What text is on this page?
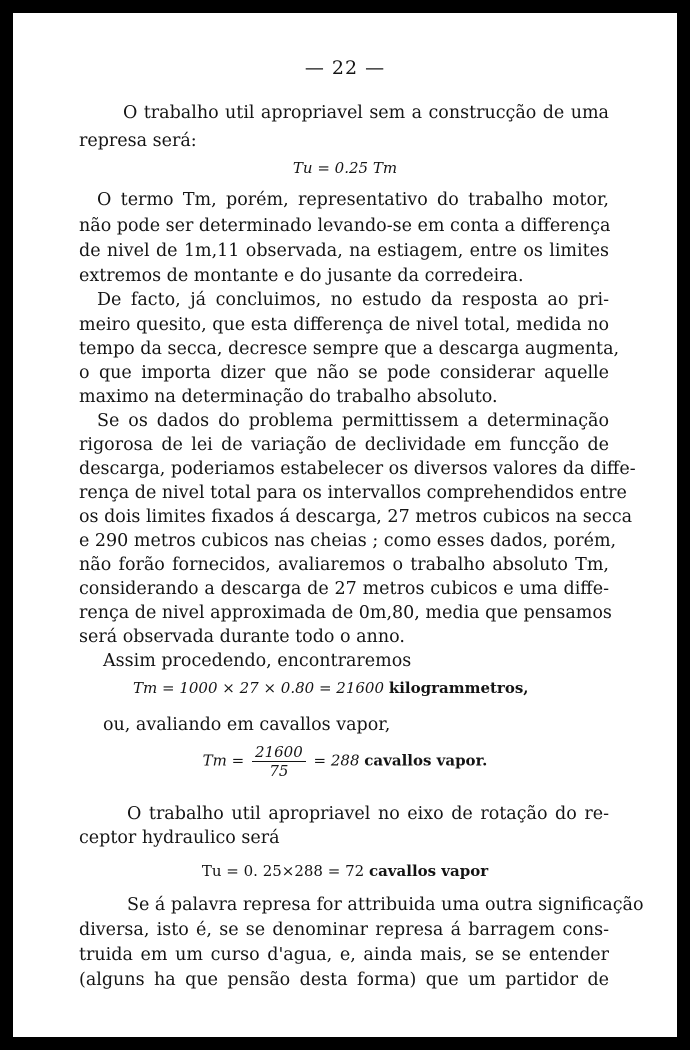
— 22 —
O trabalho util apropriavel sem a construcção de uma
represa será:
Tu = 0.25 Tm
O termo Tm, porém, representativo do trabalho motor,
não pode ser determinado levando-se em conta a differença
de nivel de 1m,11 observada, na estiagem, entre os limites
extremos de montante e do jusante da corredeira.
De facto, já concluimos, no estudo da resposta ao pri-
meiro quesito, que esta differença de nivel total, medida no
tempo da secca, decresce sempre que a descarga augmenta,
o que importa dizer que não se pode considerar aquelle
maximo na determinação do trabalho absoluto.
Se os dados do problema permittissem a determinação
rigorosa de lei de variação de declividade em funcção de
descarga, poderiamos estabelecer os diversos valores da diffe-
rença de nivel total para os intervallos comprehendidos entre
os dois limites fixados á descarga, 27 metros cubicos na secca
e 290 metros cubicos nas cheias ; como esses dados, porém,
não forão fornecidos, avaliaremos o trabalho absoluto Tm,
considerando a descarga de 27 metros cubicos e uma diffe-
rença de nivel approximada de 0m,80, media que pensamos
será observada durante todo o anno.
Assim procedendo, encontraremos
Tm = 1000 × 27 × 0.80 = 21600 kilogrammetros,
ou, avaliando em cavallos vapor,
$Tm = \frac{21600}{75} = 288$ cavallos vapor.
O trabalho util apropriavel no eixo de rotação do re-
ceptor hydraulico será
Tu = 0. 25×288 = 72 cavallos vapor
Se á palavra represa for attribuida uma outra significação
diversa, isto é, se se denominar represa á barragem cons-
truida em um curso d'agua, e, ainda mais, se se entender
(alguns ha que pensão desta forma) que um partidor de
